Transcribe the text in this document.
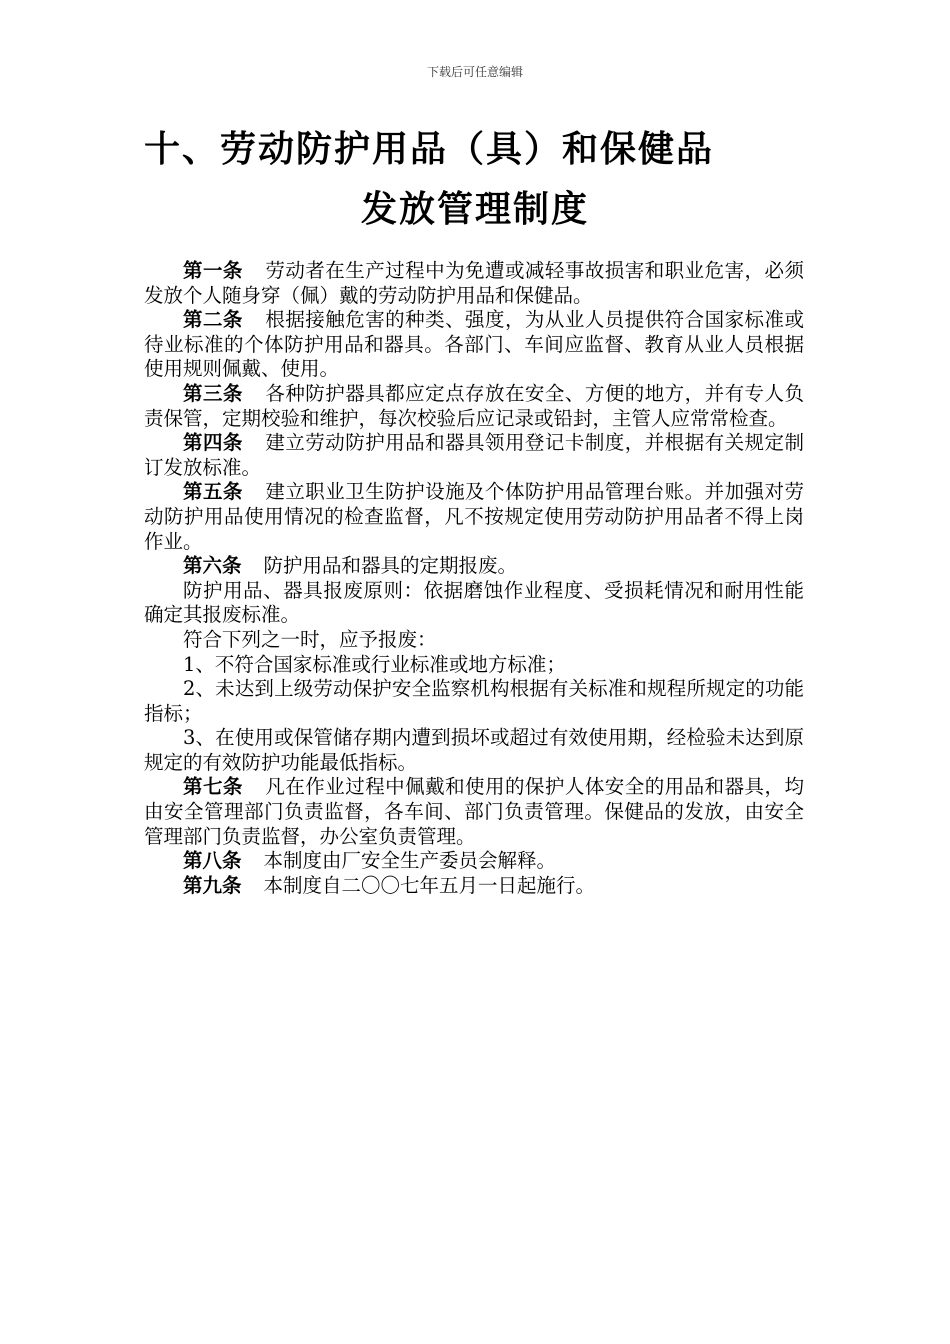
下载后可任意编辑
十、劳动防护用品（具）和保健品
发放管理制度

第一条 劳动者在生产过程中为免遭或减轻事故损害和职业危害，必须发放个人随身穿（佩）戴的劳动防护用品和保健品。

第二条 根据接触危害的种类、强度，为从业人员提供符合国家标准或待业标准的个体防护用品和器具。各部门、车间应监督、教育从业人员根据使用规则佩戴、使用。

第三条 各种防护器具都应定点存放在安全、方便的地方，并有专人负责保管，定期校验和维护，每次校验后应记录或铅封，主管人应常常检查。

第四条 建立劳动防护用品和器具领用登记卡制度，并根据有关规定制订发放标准。

第五条 建立职业卫生防护设施及个体防护用品管理台账。并加强对劳动防护用品使用情况的检查监督，凡不按规定使用劳动防护用品者不得上岗作业。

第六条 防护用品和器具的定期报废。

防护用品、器具报废原则：依据磨蚀作业程度、受损耗情况和耐用性能确定其报废标准。

符合下列之一时，应予报废：

1、不符合国家标准或行业标准或地方标准；

2、未达到上级劳动保护安全监察机构根据有关标准和规程所规定的功能指标；

3、在使用或保管储存期内遭到损坏或超过有效使用期，经检验未达到原规定的有效防护功能最低指标。

第七条 凡在作业过程中佩戴和使用的保护人体安全的用品和器具，均由安全管理部门负责监督，各车间、部门负责管理。保健品的发放，由安全管理部门负责监督，办公室负责管理。

第八条 本制度由厂安全生产委员会解释。

第九条 本制度自二〇〇七年五月一日起施行。
